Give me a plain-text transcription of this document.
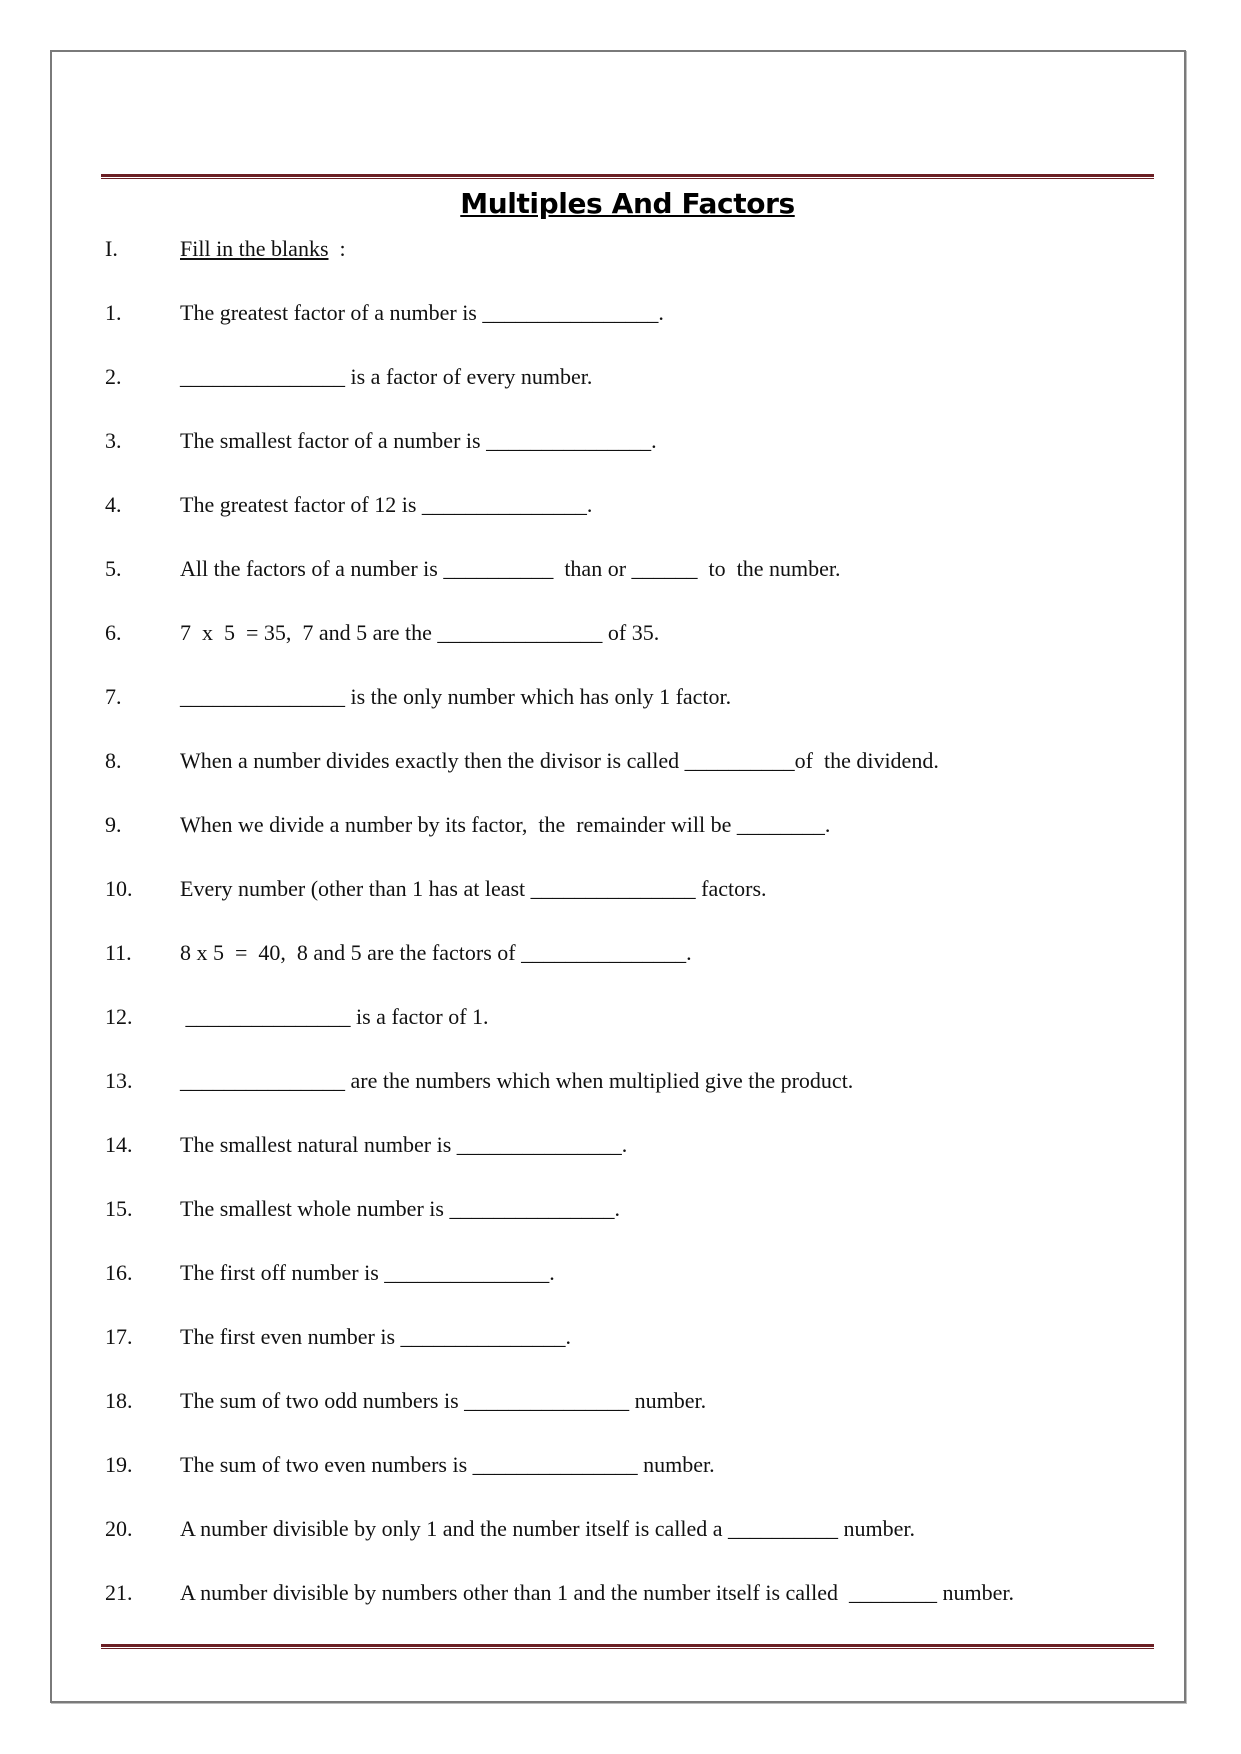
Multiples And Factors
I.	Fill in the blanks  :
1.	The greatest factor of a number is ________________.
2.	_______________ is a factor of every number.
3.	The smallest factor of a number is _______________.
4.	The greatest factor of 12 is _______________.
5.	All the factors of a number is __________  than or ______  to  the number.
6.	7  x  5  = 35,  7 and 5 are the _______________ of 35.
7.	_______________ is the only number which has only 1 factor.
8.	When a number divides exactly then the divisor is called __________of  the dividend.
9.	When we divide a number by its factor,  the  remainder will be ________.
10.	Every number (other than 1 has at least _______________ factors.
11.	8 x 5  =  40,  8 and 5 are the factors of _______________.
12.	_______________ is a factor of 1.
13.	_______________ are the numbers which when multiplied give the product.
14.	The smallest natural number is _______________.
15.	The smallest whole number is _______________.
16.	The first off number is _______________.
17.	The first even number is _______________.
18.	The sum of two odd numbers is _______________ number.
19.	The sum of two even numbers is _______________ number.
20.	A number divisible by only 1 and the number itself is called a __________ number.
21.	A number divisible by numbers other than 1 and the number itself is called  ________ number.
